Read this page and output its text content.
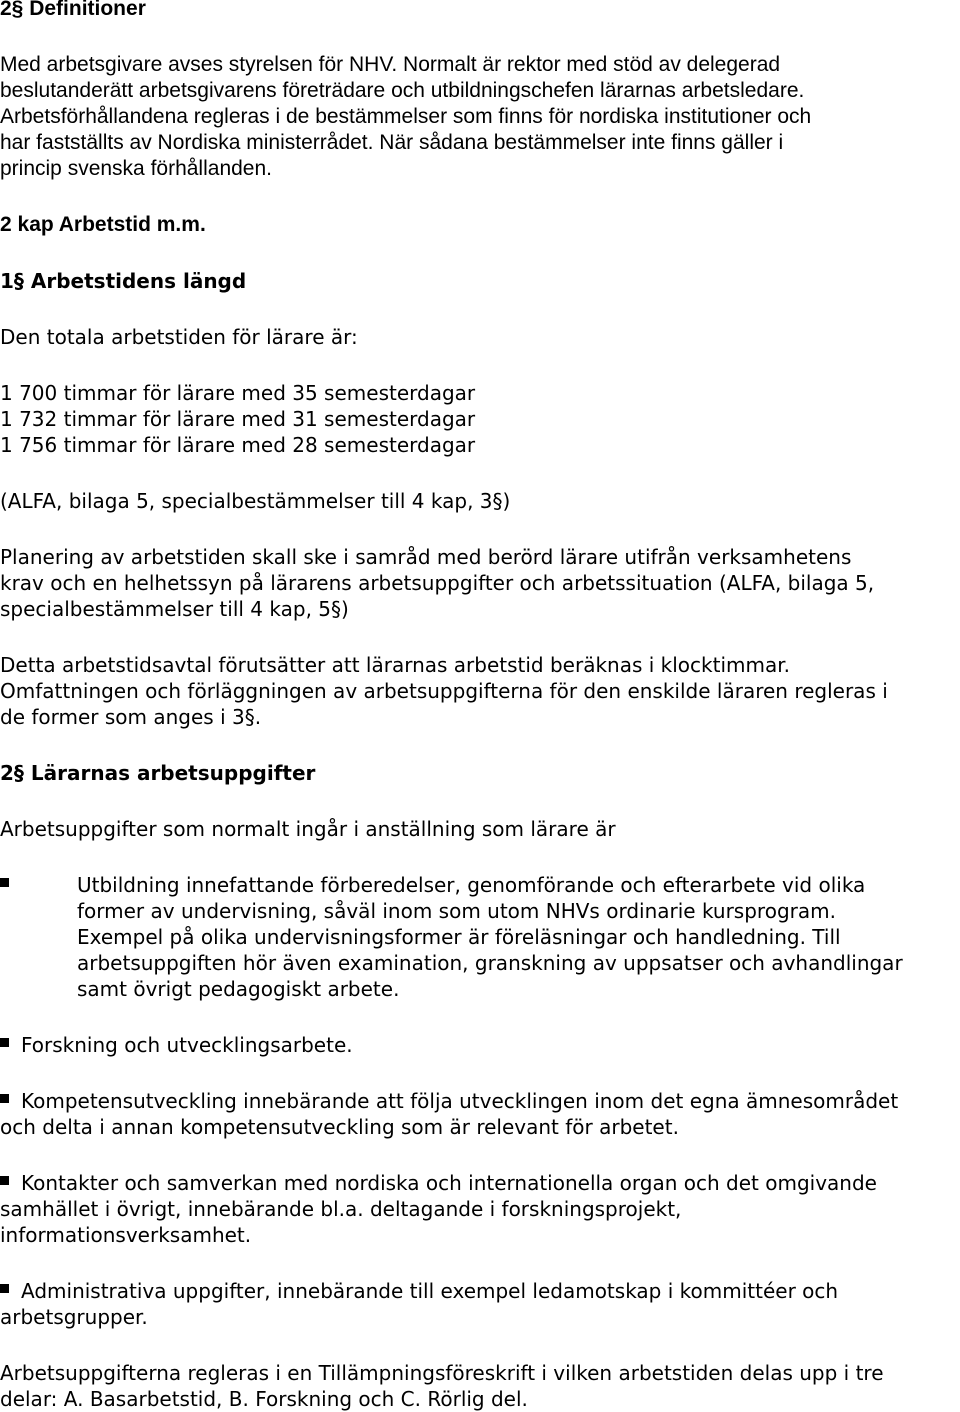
2§ Definitioner
Med arbetsgivare avses styrelsen för NHV. Normalt är rektor med stöd av delegerad
beslutanderätt arbetsgivarens företrädare och utbildningschefen lärarnas arbetsledare.
Arbetsförhållandena regleras i de bestämmelser som finns för nordiska institutioner och
har fastställts av Nordiska ministerrådet. När sådana bestämmelser inte finns gäller i
princip svenska förhållanden.
2 kap Arbetstid m.m.
1§ Arbetstidens längd
Den totala arbetstiden för lärare är:
1 700 timmar för lärare med 35 semesterdagar
1 732 timmar för lärare med 31 semesterdagar
1 756 timmar för lärare med 28 semesterdagar
(ALFA, bilaga 5, specialbestämmelser till 4 kap, 3§)
Planering av arbetstiden skall ske i samråd med berörd lärare utifrån verksamhetens
krav och en helhetssyn på lärarens arbetsuppgifter och arbetssituation (ALFA, bilaga 5,
specialbestämmelser till 4 kap, 5§)
Detta arbetstidsavtal förutsätter att lärarnas arbetstid beräknas i klocktimmar.
Omfattningen och förläggningen av arbetsuppgifterna för den enskilde läraren regleras i
de former som anges i 3§.
2§ Lärarnas arbetsuppgifter
Arbetsuppgifter som normalt ingår i anställning som lärare är
Utbildning innefattande förberedelser, genomförande och efterarbete vid olika
former av undervisning, såväl inom som utom NHVs ordinarie kursprogram.
Exempel på olika undervisningsformer är föreläsningar och handledning. Till
arbetsuppgiften hör även examination, granskning av uppsatser och avhandlingar
samt övrigt pedagogiskt arbete.
Forskning och utvecklingsarbete.
Kompetensutveckling innebärande att följa utvecklingen inom det egna ämnesområdet
och delta i annan kompetensutveckling som är relevant för arbetet.
Kontakter och samverkan med nordiska och internationella organ och det omgivande
samhället i övrigt, innebärande bl.a. deltagande i forskningsprojekt,
informationsverksamhet.
Administrativa uppgifter, innebärande till exempel ledamotskap i kommittéer och
arbetsgrupper.
Arbetsuppgifterna regleras i en Tillämpningsföreskrift i vilken arbetstiden delas upp i tre
delar: A. Basarbetstid, B. Forskning och C. Rörlig del.
